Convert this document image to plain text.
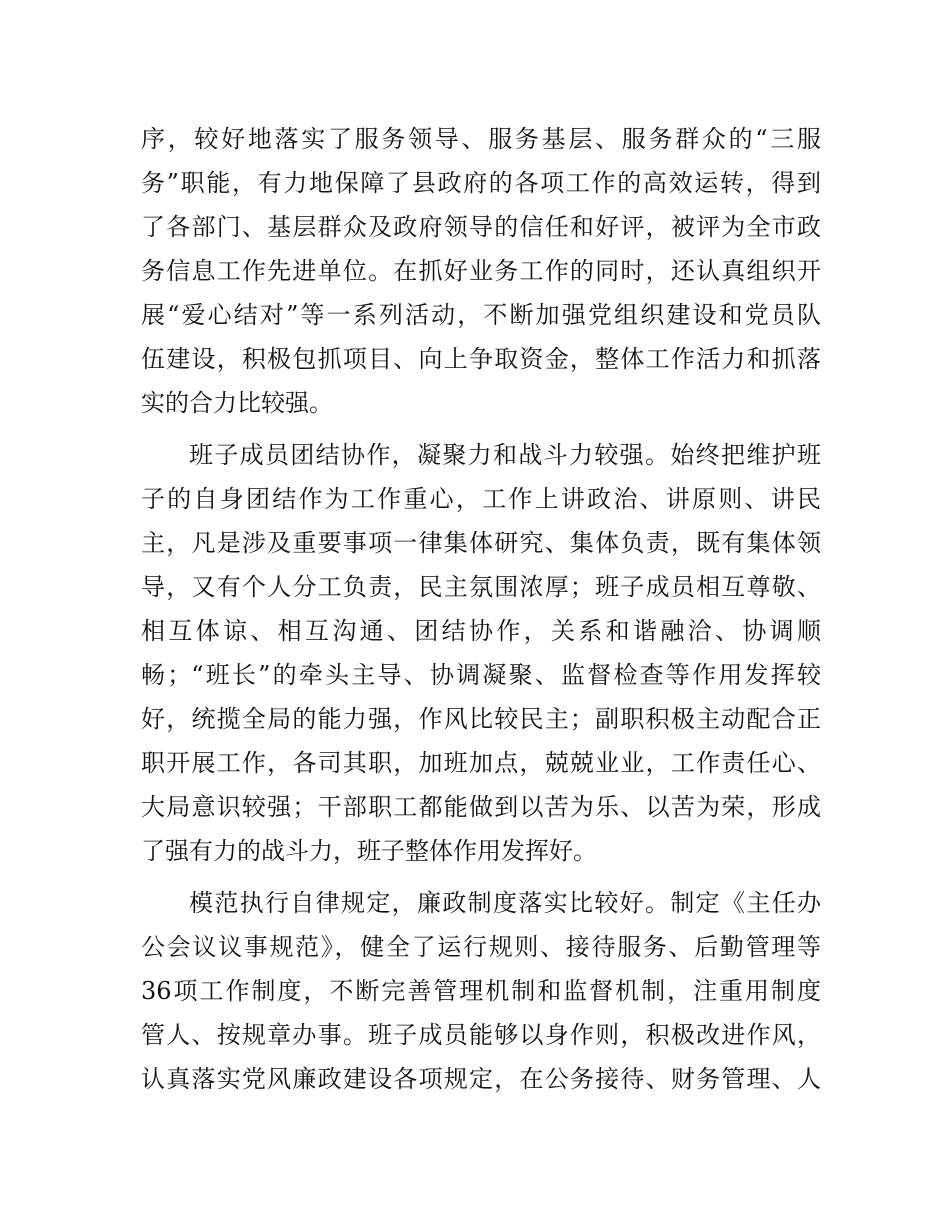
序，较好地落实了服务领导、服务基层、服务群众的“三服
务”职能，有力地保障了县政府的各项工作的高效运转，得到
了各部门、基层群众及政府领导的信任和好评，被评为全市政
务信息工作先进单位。在抓好业务工作的同时，还认真组织开
展“爱心结对”等一系列活动，不断加强党组织建设和党员队
伍建设，积极包抓项目、向上争取资金，整体工作活力和抓落
实的合力比较强。
班子成员团结协作，凝聚力和战斗力较强。始终把维护班
子的自身团结作为工作重心，工作上讲政治、讲原则、讲民
主，凡是涉及重要事项一律集体研究、集体负责，既有集体领
导，又有个人分工负责，民主氛围浓厚；班子成员相互尊敬、
相互体谅、相互沟通、团结协作，关系和谐融洽、协调顺
畅；“班长”的牵头主导、协调凝聚、监督检查等作用发挥较
好，统揽全局的能力强，作风比较民主；副职积极主动配合正
职开展工作，各司其职，加班加点，兢兢业业，工作责任心、
大局意识较强；干部职工都能做到以苦为乐、以苦为荣，形成
了强有力的战斗力，班子整体作用发挥好。
模范执行自律规定，廉政制度落实比较好。制定《主任办
公会议议事规范》，健全了运行规则、接待服务、后勤管理等
36项工作制度，不断完善管理机制和监督机制，注重用制度
管人、按规章办事。班子成员能够以身作则，积极改进作风，
认真落实党风廉政建设各项规定，在公务接待、财务管理、人
